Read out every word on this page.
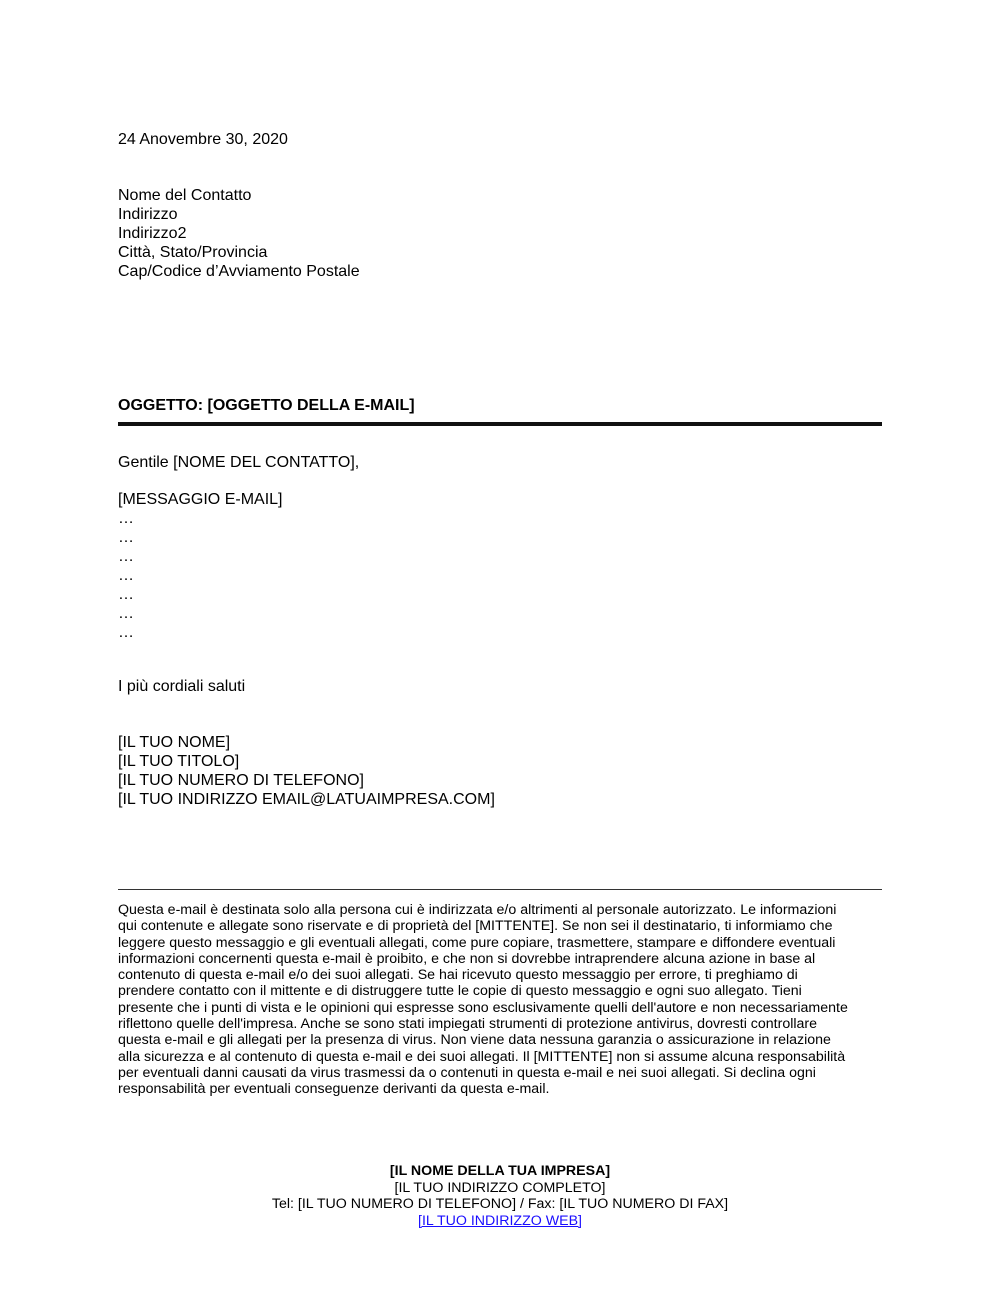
24 Anovembre 30, 2020
Nome del Contatto
Indirizzo
Indirizzo2
Città, Stato/Provincia
Cap/Codice d’Avviamento Postale
OGGETTO: [OGGETTO DELLA E-MAIL]
Gentile [NOME DEL CONTATTO],
[MESSAGGIO E-MAIL]
…
…
…
…
…
…
…
I più cordiali saluti
[IL TUO NOME]
[IL TUO TITOLO]
[IL TUO NUMERO DI TELEFONO]
[IL TUO INDIRIZZO EMAIL@LATUAIMPRESA.COM]
Questa e-mail è destinata solo alla persona cui è indirizzata e/o altrimenti al personale autorizzato. Le informazioni
qui contenute e allegate sono riservate e di proprietà del [MITTENTE]. Se non sei il destinatario, ti informiamo che
leggere questo messaggio e gli eventuali allegati, come pure copiare, trasmettere, stampare e diffondere eventuali
informazioni concernenti questa e-mail è proibito, e che non si dovrebbe intraprendere alcuna azione in base al
contenuto di questa e-mail e/o dei suoi allegati. Se hai ricevuto questo messaggio per errore, ti preghiamo di
prendere contatto con il mittente e di distruggere tutte le copie di questo messaggio e ogni suo allegato. Tieni
presente che i punti di vista e le opinioni qui espresse sono esclusivamente quelli dell'autore e non necessariamente
riflettono quelle dell'impresa. Anche se sono stati impiegati strumenti di protezione antivirus, dovresti controllare
questa e-mail e gli allegati per la presenza di virus. Non viene data nessuna garanzia o assicurazione in relazione
alla sicurezza e al contenuto di questa e-mail e dei suoi allegati. Il [MITTENTE] non si assume alcuna responsabilità
per eventuali danni causati da virus trasmessi da o contenuti in questa e-mail e nei suoi allegati. Si declina ogni
responsabilità per eventuali conseguenze derivanti da questa e-mail.
[IL NOME DELLA TUA IMPRESA]
[IL TUO INDIRIZZO COMPLETO]
Tel: [IL TUO NUMERO DI TELEFONO] / Fax: [IL TUO NUMERO DI FAX]
[IL TUO INDIRIZZO WEB]
